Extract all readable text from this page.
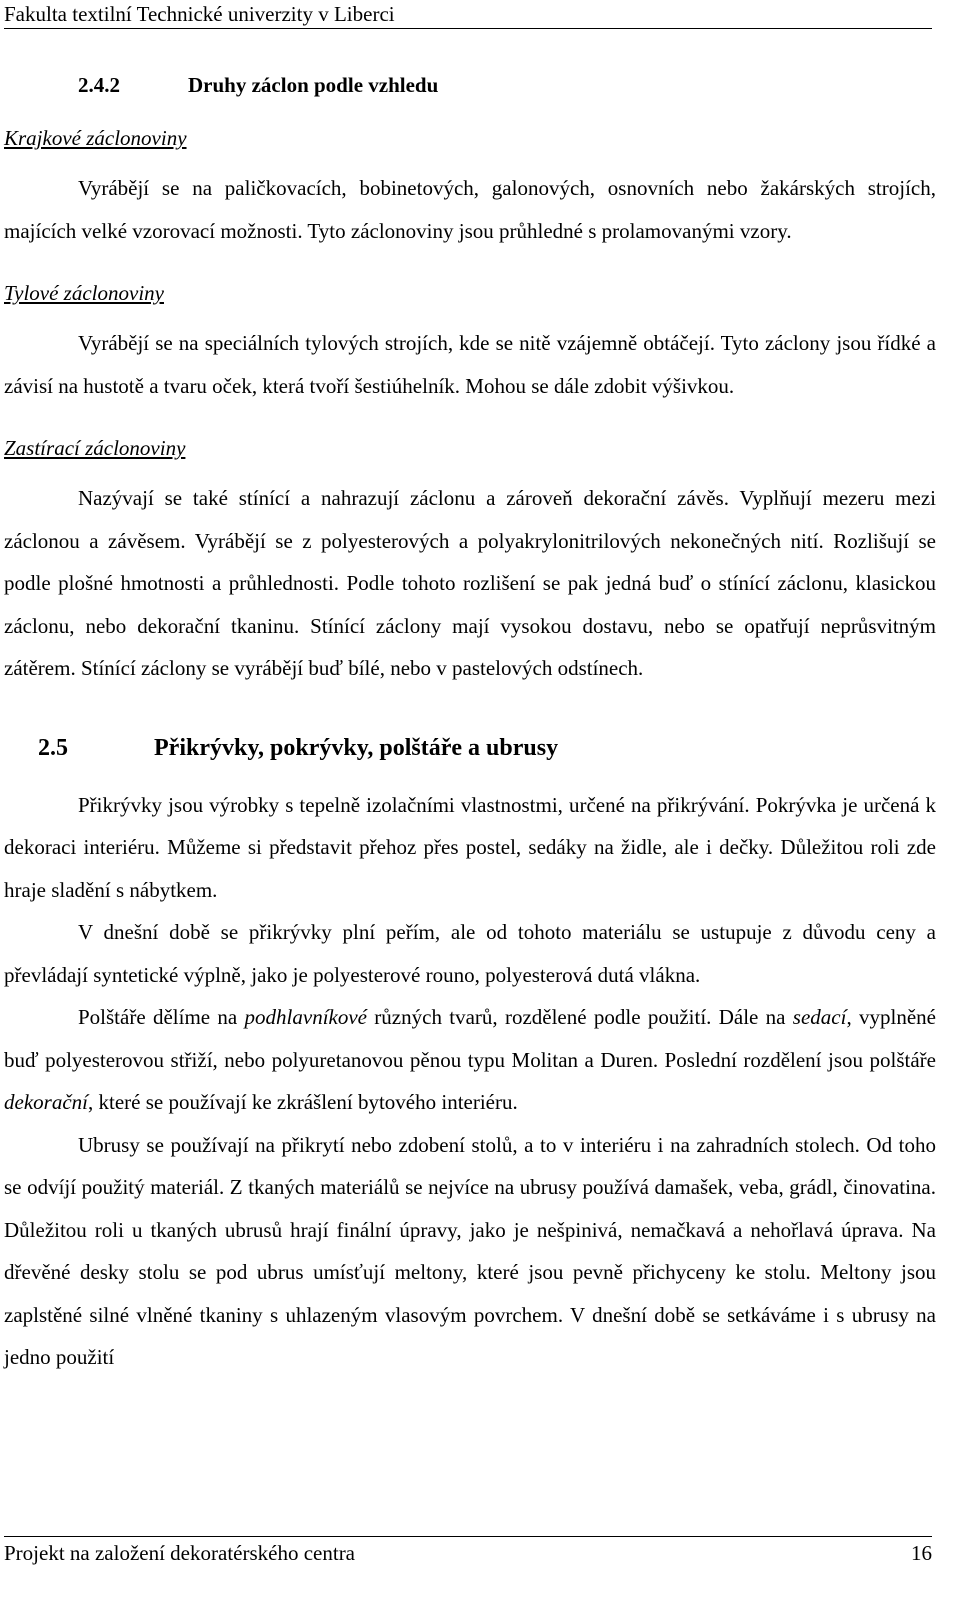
Fakulta textilní Technické univerzity v Liberci
2.4.2	Druhy záclon podle vzhledu
Krajkové záclonoviny

Vyrábějí se na paličkovacích, bobinetových, galonových, osnovních nebo žakárských strojích, majících velké vzorovací možnosti. Tyto záclonoviny jsou průhledné s prolamovanými vzory.

Tylové záclonoviny

Vyrábějí se na speciálních tylových strojích, kde se nitě vzájemně obtáčejí. Tyto záclony jsou řídké a závisí na hustotě a tvaru oček, která tvoří šestiúhelník. Mohou se dále zdobit výšivkou.

Zastírací záclonoviny

Nazývají se také stínící a nahrazují záclonu a zároveň dekorační závěs. Vyplňují mezeru mezi záclonou a závěsem. Vyrábějí se z polyesterových a polyakrylonitrilových nekonečných nití. Rozlišují se podle plošné hmotnosti a průhlednosti. Podle tohoto rozlišení se pak jedná buď o stínící záclonu, klasickou záclonu, nebo dekorační tkaninu. Stínící záclony mají vysokou dostavu, nebo se opatřují neprůsvitným zátěrem. Stínící záclony se vyrábějí buď bílé, nebo v pastelových odstínech.

2.5	Přikrývky, pokrývky, polštáře a ubrusy

Přikrývky jsou výrobky s tepelně izolačními vlastnostmi, určené na přikrývání. Pokrývka je určená k dekoraci interiéru. Můžeme si představit přehoz přes postel, sedáky na židle, ale i dečky. Důležitou roli zde hraje sladění s nábytkem.

V dnešní době se přikrývky plní peřím, ale od tohoto materiálu se ustupuje z důvodu ceny a převládají syntetické výplně, jako je polyesterové rouno, polyesterová dutá vlákna.

Polštáře dělíme na podhlavníkové různých tvarů, rozdělené podle použití. Dále na sedací, vyplněné buď polyesterovou střiží, nebo polyuretanovou pěnou typu Molitan a Duren. Poslední rozdělení jsou polštáře dekorační, které se používají ke zkrášlení bytového interiéru.

Ubrusy se používají na přikrytí nebo zdobení stolů, a to v interiéru i na zahradních stolech. Od toho se odvíjí použitý materiál. Z tkaných materiálů se nejvíce na ubrusy používá damašek, veba, grádl, činovatina. Důležitou roli u tkaných ubrusů hrají finální úpravy, jako je nešpinivá, nemačkavá a nehořlavá úprava. Na dřevěné desky stolu se pod ubrus umísťují meltony, které jsou pevně přichyceny ke stolu. Meltony jsou zaplstěné silné vlněné tkaniny s uhlazeným vlasovým povrchem. V dnešní době se setkáváme i s ubrusy na jedno použití

Projekt na založení dekoratérského centra	16
